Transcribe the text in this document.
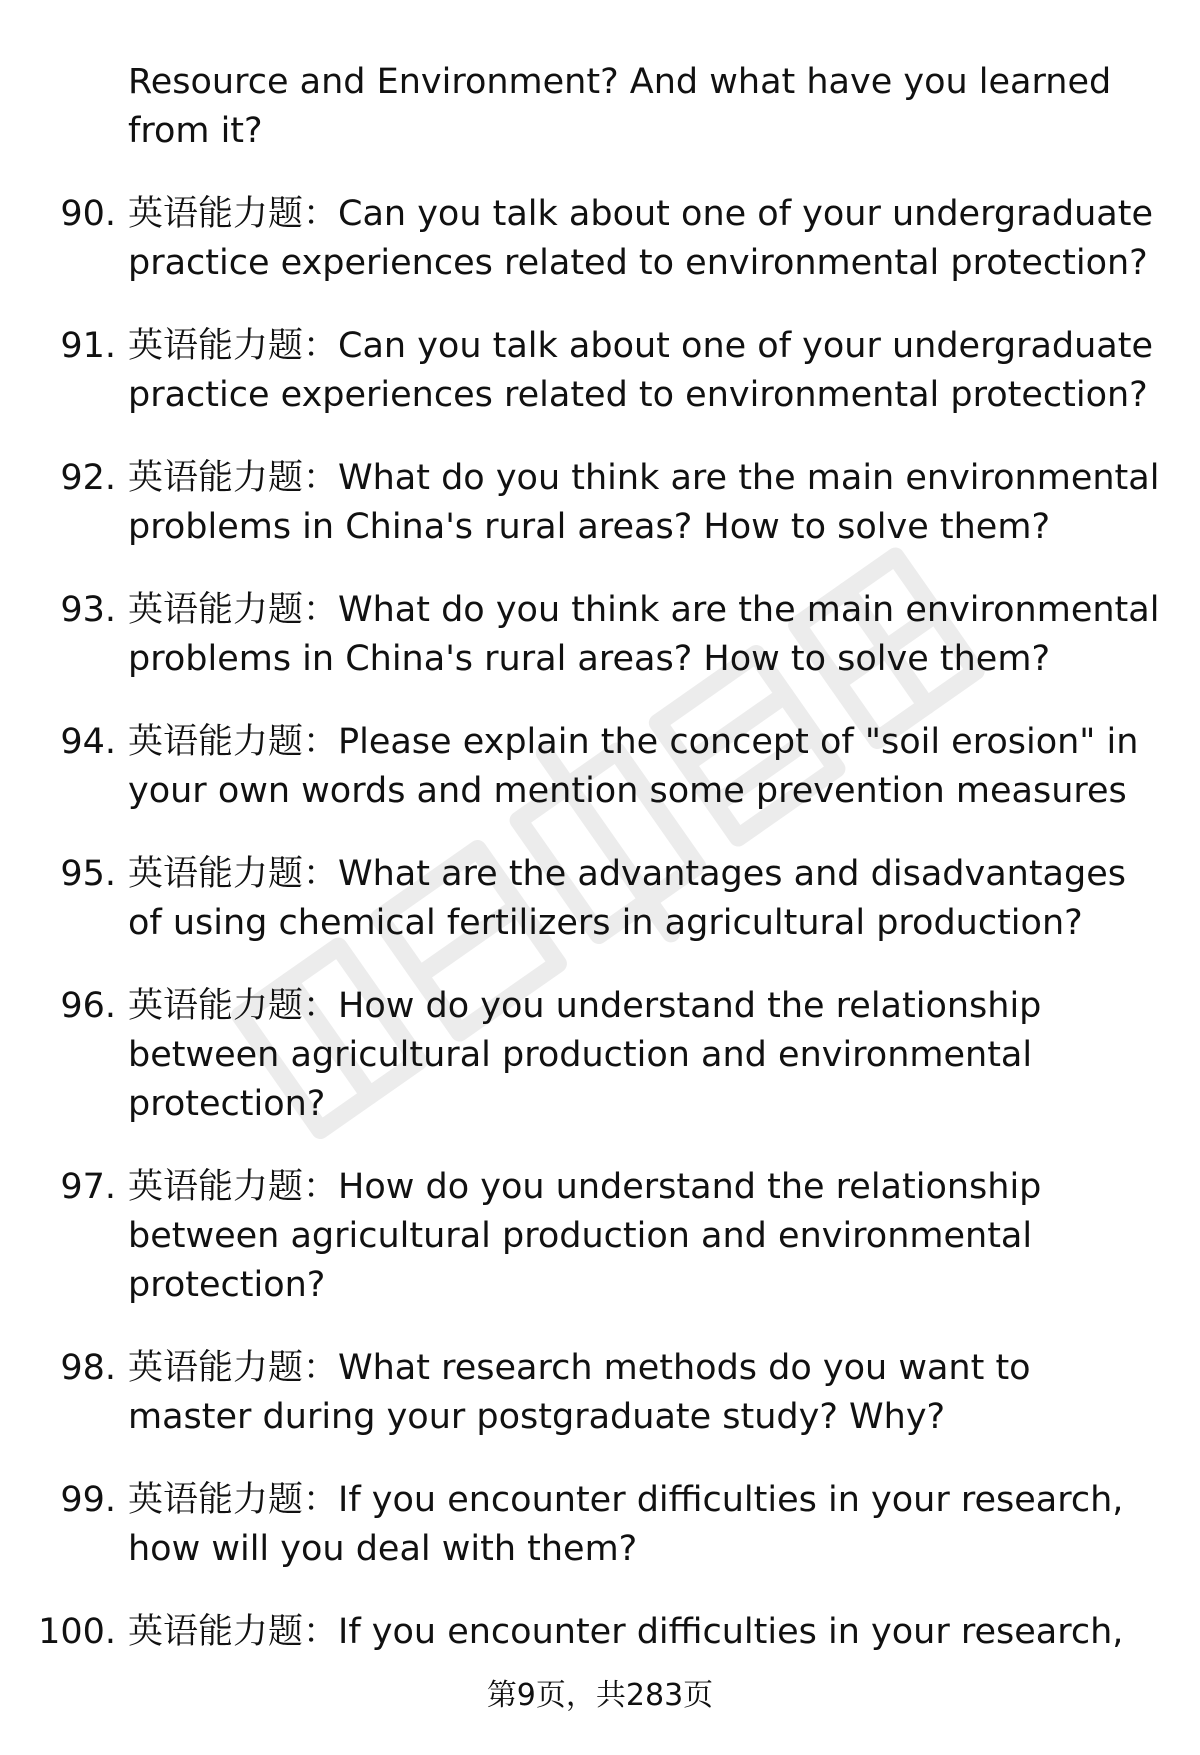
Resource and Environment? And what have you learned from it?
90. 英语能力题：Can you talk about one of your undergraduate practice experiences related to environmental protection?
91. 英语能力题：Can you talk about one of your undergraduate practice experiences related to environmental protection?
92. 英语能力题：What do you think are the main environmental problems in China's rural areas? How to solve them?
93. 英语能力题：What do you think are the main environmental problems in China's rural areas? How to solve them?
94. 英语能力题：Please explain the concept of "soil erosion" in your own words and mention some prevention measures
95. 英语能力题：What are the advantages and disadvantages of using chemical fertilizers in agricultural production?
96. 英语能力题：How do you understand the relationship between agricultural production and environmental protection?
97. 英语能力题：How do you understand the relationship between agricultural production and environmental protection?
98. 英语能力题：What research methods do you want to master during your postgraduate study? Why?
99. 英语能力题：If you encounter difficulties in your research, how will you deal with them?
100. 英语能力题：If you encounter difficulties in your research,
第9页，共283页
